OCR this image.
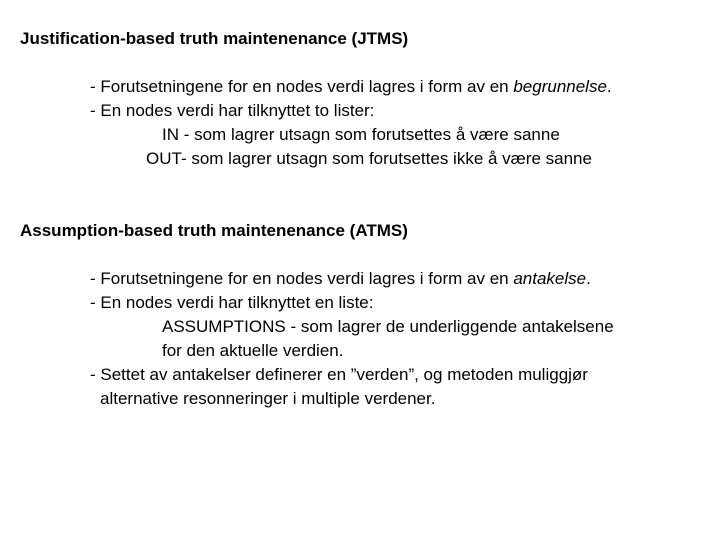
Justification-based truth maintenenance (JTMS)
- Forutsetningene for en nodes verdi lagres i form av en begrunnelse.
- En nodes verdi har tilknyttet to lister:
IN - som lagrer utsagn som forutsettes å være sanne
OUT- som lagrer utsagn som forutsettes ikke å være sanne
Assumption-based truth maintenenance (ATMS)
- Forutsetningene for en nodes verdi lagres i form av en antakelse.
- En nodes verdi har tilknyttet en liste:
ASSUMPTIONS - som lagrer de underliggende antakelsene
for den aktuelle verdien.
- Settet av antakelser definerer en ”verden”, og metoden muliggjør
alternative resonneringer i multiple verdener.
